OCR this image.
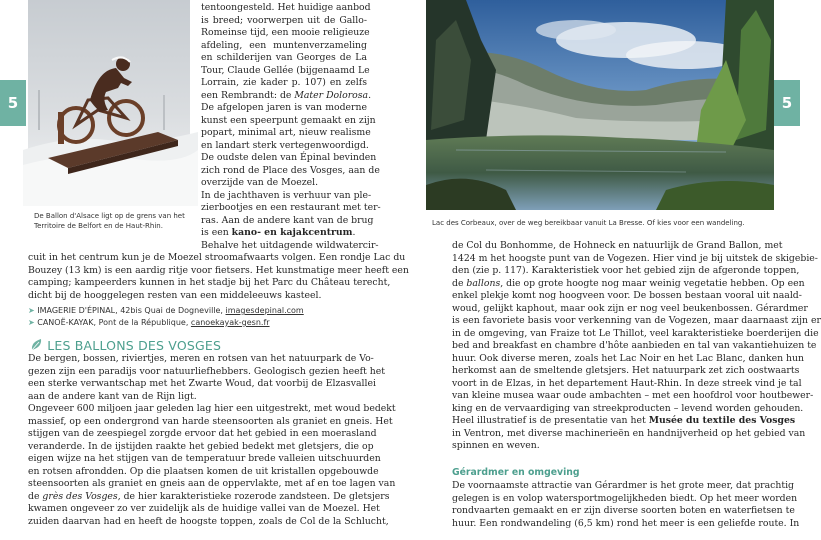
5	5
De Ballon d'Alsace ligt op de grens van het
Territoire de Belfort en de Haut-Rhin.	Lac des Corbeaux, over de weg bereikbaar vanuit La Bresse. Of kies voor een wandeling.
tentoongesteld. Het huidige aanbod
is breed; voorwerpen uit de Gallo-
Romeinse tijd, een mooie religieuze
afdeling, een muntenverzameling
en schilderijen van Georges de La
Tour, Claude Gellée (bijgenaamd Le
Lorrain, zie kader p. 107) en zelfs
een Rembrandt: de Mater Dolorosa.
De afgelopen jaren is van moderne
kunst een speerpunt gemaakt en zijn
popart, minimal art, nieuw realisme
en landart sterk vertegenwoordigd.
De oudste delen van Épinal bevinden
zich rond de Place des Vosges, aan de
overzijde van de Moezel.
In de jachthaven is verhuur van ple-
zierbootjes en een restaurant met ter-
ras. Aan de andere kant van de brug
is een kano- en kajakcentrum.
Behalve het uitdagende wildwatercir-
cuit in het centrum kun je de Moezel stroomafwaarts volgen. Een rondje Lac du
Bouzey (13 km) is een aardig ritje voor fietsers. Het kunstmatige meer heeft een
camping; kampeerders kunnen in het stadje bij het Parc du Château terecht,
dicht bij de hooggelegen resten van een middeleeuws kasteel.
➤ IMAGERIE D'ÉPINAL, 42bis Quai de Dogneville, imagesdepinal.com
➤ CANOË-KAYAK, Pont de la République, canoekayak-gesn.fr
LES BALLONS DES VOSGES
De bergen, bossen, riviertjes, meren en rotsen van het natuurpark de Vo-
gezen zijn een paradijs voor natuurliefhebbers. Geologisch gezien heeft het
een sterke verwantschap met het Zwarte Woud, dat voorbij de Elzasvallei
aan de andere kant van de Rijn ligt.
Ongeveer 600 miljoen jaar geleden lag hier een uitgestrekt, met woud bedekt
massief, op een ondergrond van harde steensoorten als graniet en gneis. Het
stijgen van de zeespiegel zorgde ervoor dat het gebied in een moerasland
veranderde. In de ijstijden raakte het gebied bedekt met gletsjers, die op
eigen wijze na het stijgen van de temperatuur brede valleien uitschuurden
en rotsen afrondden. Op die plaatsen komen de uit kristallen opgebouwde
steensoorten als graniet en gneis aan de oppervlakte, met af en toe lagen van
de grès des Vosges, de hier karakteristieke rozerode zandsteen. De gletsjers
kwamen ongeveer zo ver zuidelijk als de huidige vallei van de Moezel. Het
zuiden daarvan had en heeft de hoogste toppen, zoals de Col de la Schlucht,
de Col du Bonhomme, de Hohneck en natuurlijk de Grand Ballon, met
1424 m het hoogste punt van de Vogezen. Hier vind je bij uitstek de skigebie-
den (zie p. 117). Karakteristiek voor het gebied zijn de afgeronde toppen,
de ballons, die op grote hoogte nog maar weinig vegetatie hebben. Op een
enkel plekje komt nog hoogveen voor. De bossen bestaan vooral uit naald-
woud, gelijkt kaphout, maar ook zijn er nog veel beukenbossen. Gérardmer
is een favoriete basis voor verkenning van de Vogezen, maar daarnaast zijn er
in de omgeving, van Fraize tot Le Thillot, veel karakteristieke boerderijen die
bed and breakfast en chambre d'hôte aanbieden en tal van vakantiehuizen te
huur. Ook diverse meren, zoals het Lac Noir en het Lac Blanc, danken hun
herkomst aan de smeltende gletsjers. Het natuurpark zet zich oostwaarts
voort in de Elzas, in het departement Haut-Rhin. In deze streek vind je tal
van kleine musea waar oude ambachten – met een hoofdrol voor houtbewer-
king en de vervaardiging van streekproducten – levend worden gehouden.
Heel illustratief is de presentatie van het Musée du textile des Vosges
in Ventron, met diverse machinerieën en handnijverheid op het gebied van
spinnen en weven.
Gérardmer en omgeving
De voornaamste attractie van Gérardmer is het grote meer, dat prachtig
gelegen is en volop watersportmogelijkheden biedt. Op het meer worden
rondvaarten gemaakt en er zijn diverse soorten boten en waterfietsen te
huur. Een rondwandeling (6,5 km) rond het meer is een geliefde route. In
